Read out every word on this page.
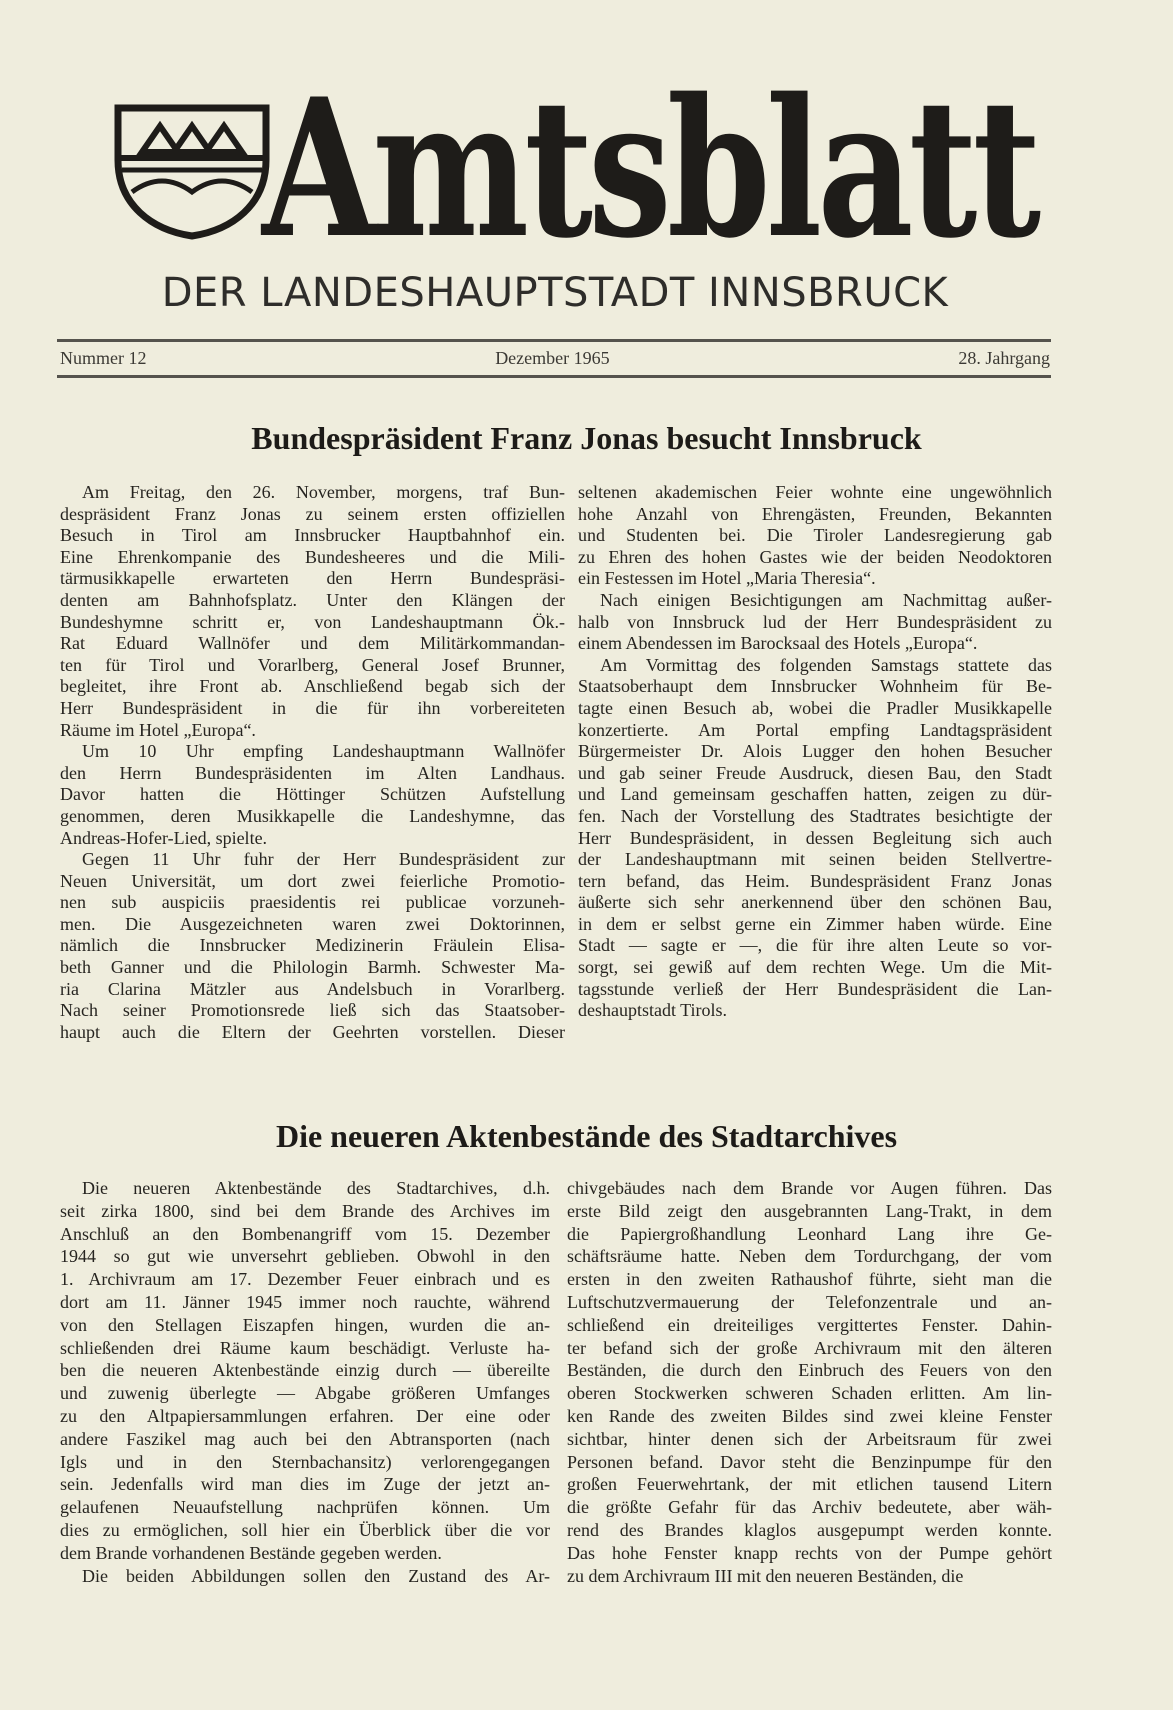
Amtsblatt
DER LANDESHAUPTSTADT INNSBRUCK
Nummer 12	Dezember 1965	28. Jahrgang
Bundespräsident Franz Jonas besucht Innsbruck
Am Freitag, den 26. November, morgens, traf Bun-
despräsident Franz Jonas zu seinem ersten offiziellen
Besuch in Tirol am Innsbrucker Hauptbahnhof ein.
Eine Ehrenkompanie des Bundesheeres und die Mili-
tärmusikkapelle erwarteten den Herrn Bundespräsi-
denten am Bahnhofsplatz. Unter den Klängen der
Bundeshymne schritt er, von Landeshauptmann Ök.-
Rat Eduard Wallnöfer und dem Militärkommandan-
ten für Tirol und Vorarlberg, General Josef Brunner,
begleitet, ihre Front ab. Anschließend begab sich der
Herr Bundespräsident in die für ihn vorbereiteten
Räume im Hotel „Europa“.
Um 10 Uhr empfing Landeshauptmann Wallnöfer
den Herrn Bundespräsidenten im Alten Landhaus.
Davor hatten die Höttinger Schützen Aufstellung
genommen, deren Musikkapelle die Landeshymne, das
Andreas-Hofer-Lied, spielte.
Gegen 11 Uhr fuhr der Herr Bundespräsident zur
Neuen Universität, um dort zwei feierliche Promotio-
nen sub auspiciis praesidentis rei publicae vorzuneh-
men. Die Ausgezeichneten waren zwei Doktorinnen,
nämlich die Innsbrucker Medizinerin Fräulein Elisa-
beth Ganner und die Philologin Barmh. Schwester Ma-
ria Clarina Mätzler aus Andelsbuch in Vorarlberg.
Nach seiner Promotionsrede ließ sich das Staatsober-
haupt auch die Eltern der Geehrten vorstellen. Dieser
seltenen akademischen Feier wohnte eine ungewöhnlich
hohe Anzahl von Ehrengästen, Freunden, Bekannten
und Studenten bei. Die Tiroler Landesregierung gab
zu Ehren des hohen Gastes wie der beiden Neodoktoren
ein Festessen im Hotel „Maria Theresia“.
Nach einigen Besichtigungen am Nachmittag außer-
halb von Innsbruck lud der Herr Bundespräsident zu
einem Abendessen im Barocksaal des Hotels „Europa“.
Am Vormittag des folgenden Samstags stattete das
Staatsoberhaupt dem Innsbrucker Wohnheim für Be-
tagte einen Besuch ab, wobei die Pradler Musikkapelle
konzertierte. Am Portal empfing Landtagspräsident
Bürgermeister Dr. Alois Lugger den hohen Besucher
und gab seiner Freude Ausdruck, diesen Bau, den Stadt
und Land gemeinsam geschaffen hatten, zeigen zu dür-
fen. Nach der Vorstellung des Stadtrates besichtigte der
Herr Bundespräsident, in dessen Begleitung sich auch
der Landeshauptmann mit seinen beiden Stellvertre-
tern befand, das Heim. Bundespräsident Franz Jonas
äußerte sich sehr anerkennend über den schönen Bau,
in dem er selbst gerne ein Zimmer haben würde. Eine
Stadt — sagte er —, die für ihre alten Leute so vor-
sorgt, sei gewiß auf dem rechten Wege. Um die Mit-
tagsstunde verließ der Herr Bundespräsident die Lan-
deshauptstadt Tirols.
Die neueren Aktenbestände des Stadtarchives
Die neueren Aktenbestände des Stadtarchives, d.h.
seit zirka 1800, sind bei dem Brande des Archives im
Anschluß an den Bombenangriff vom 15. Dezember
1944 so gut wie unversehrt geblieben. Obwohl in den
1. Archivraum am 17. Dezember Feuer einbrach und es
dort am 11. Jänner 1945 immer noch rauchte, während
von den Stellagen Eiszapfen hingen, wurden die an-
schließenden drei Räume kaum beschädigt. Verluste ha-
ben die neueren Aktenbestände einzig durch — übereilte
und zuwenig überlegte — Abgabe größeren Umfanges
zu den Altpapiersammlungen erfahren. Der eine oder
andere Faszikel mag auch bei den Abtransporten (nach
Igls und in den Sternbachansitz) verlorengegangen
sein. Jedenfalls wird man dies im Zuge der jetzt an-
gelaufenen Neuaufstellung nachprüfen können. Um
dies zu ermöglichen, soll hier ein Überblick über die vor
dem Brande vorhandenen Bestände gegeben werden.
Die beiden Abbildungen sollen den Zustand des Ar-
chivgebäudes nach dem Brande vor Augen führen. Das
erste Bild zeigt den ausgebrannten Lang-Trakt, in dem
die Papiergroßhandlung Leonhard Lang ihre Ge-
schäftsräume hatte. Neben dem Tordurchgang, der vom
ersten in den zweiten Rathaushof führte, sieht man die
Luftschutzvermauerung der Telefonzentrale und an-
schließend ein dreiteiliges vergittertes Fenster. Dahin-
ter befand sich der große Archivraum mit den älteren
Beständen, die durch den Einbruch des Feuers von den
oberen Stockwerken schweren Schaden erlitten. Am lin-
ken Rande des zweiten Bildes sind zwei kleine Fenster
sichtbar, hinter denen sich der Arbeitsraum für zwei
Personen befand. Davor steht die Benzinpumpe für den
großen Feuerwehrtank, der mit etlichen tausend Litern
die größte Gefahr für das Archiv bedeutete, aber wäh-
rend des Brandes klaglos ausgepumpt werden konnte.
Das hohe Fenster knapp rechts von der Pumpe gehört
zu dem Archivraum III mit den neueren Beständen, die
